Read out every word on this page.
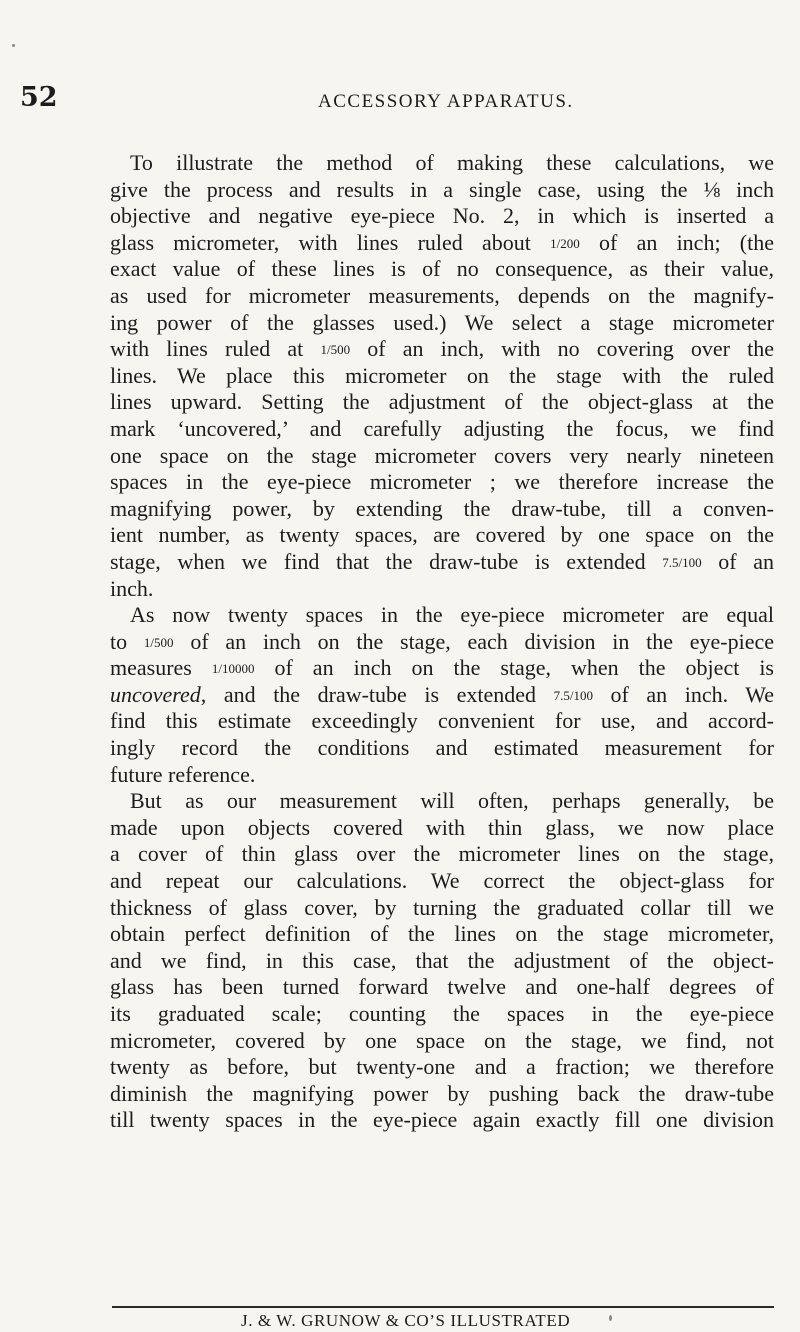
52	ACCESSORY APPARATUS.
To illustrate the method of making these calculations, we
give the process and results in a single case, using the ⅛ inch
objective and negative eye-piece No. 2, in which is inserted a
glass micrometer, with lines ruled about 1/200 of an inch; (the
exact value of these lines is of no consequence, as their value,
as used for micrometer measurements, depends on the magnify-
ing power of the glasses used.) We select a stage micrometer
with lines ruled at 1/500 of an inch, with no covering over the
lines. We place this micrometer on the stage with the ruled
lines upward. Setting the adjustment of the object-glass at the
mark ‘uncovered,’ and carefully adjusting the focus, we find
one space on the stage micrometer covers very nearly nineteen
spaces in the eye-piece micrometer ; we therefore increase the
magnifying power, by extending the draw-tube, till a conven-
ient number, as twenty spaces, are covered by one space on the
stage, when we find that the draw-tube is extended 7.5/100 of an
inch.
As now twenty spaces in the eye-piece micrometer are equal
to 1/500 of an inch on the stage, each division in the eye-piece
measures 1/10000 of an inch on the stage, when the object is
uncovered, and the draw-tube is extended 7.5/100 of an inch. We
find this estimate exceedingly convenient for use, and accord-
ingly record the conditions and estimated measurement for
future reference.
But as our measurement will often, perhaps generally, be
made upon objects covered with thin glass, we now place
a cover of thin glass over the micrometer lines on the stage,
and repeat our calculations. We correct the object-glass for
thickness of glass cover, by turning the graduated collar till we
obtain perfect definition of the lines on the stage micrometer,
and we find, in this case, that the adjustment of the object-
glass has been turned forward twelve and one-half degrees of
its graduated scale; counting the spaces in the eye-piece
micrometer, covered by one space on the stage, we find, not
twenty as before, but twenty-one and a fraction; we therefore
diminish the magnifying power by pushing back the draw-tube
till twenty spaces in the eye-piece again exactly fill one division
J. & W. GRUNOW & CO’S ILLUSTRATED
